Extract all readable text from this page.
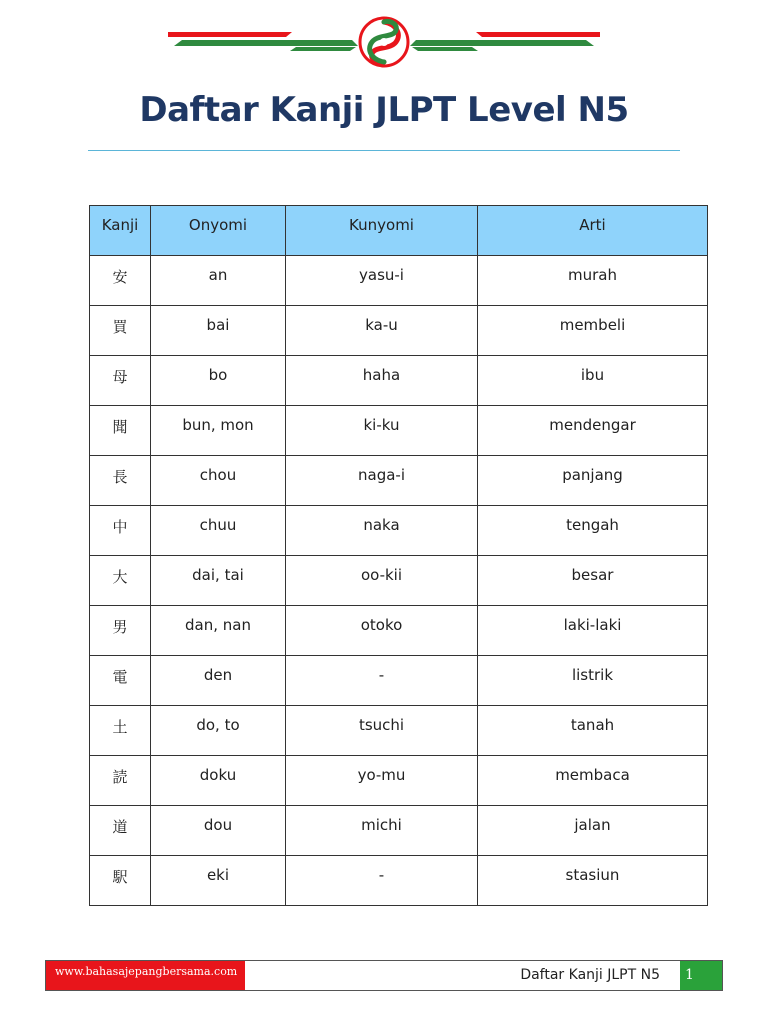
Daftar Kanji JLPT Level N5
Kanji	Onyomi	Kunyomi	Arti

安	an	yasu-i	murah

買	bai	ka-u	membeli

母	bo	haha	ibu

聞	bun, mon	ki-ku	mendengar

長	chou	naga-i	panjang

中	chuu	naka	tengah

大	dai, tai	oo-kii	besar

男	dan, nan	otoko	laki-laki

電	den	-	listrik

土	do, to	tsuchi	tanah

読	doku	yo-mu	membaca

道	dou	michi	jalan

駅	eki	-	stasiun
www.bahasajepangbersama.com	Daftar Kanji JLPT N5	1
